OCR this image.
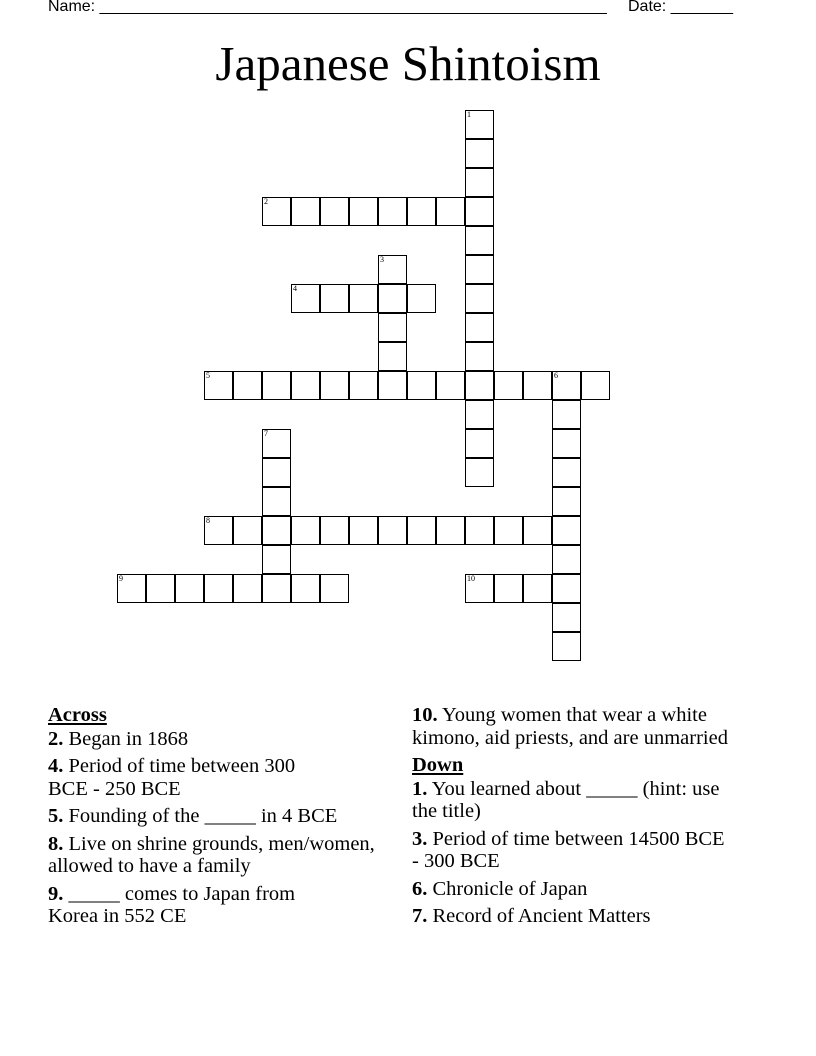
Name: _________________________________________________________ Date: _______
Japanese Shintoism
1
2
3
4
5	6
7
8
9	10
Across
2. Began in 1868
4. Period of time between 300 BCE - 250 BCE
5. Founding of the _____ in 4 BCE
8. Live on shrine grounds, men/women, allowed to have a family
9. _____ comes to Japan from Korea in 552 CE
10. Young women that wear a white kimono, aid priests, and are unmarried
Down
1. You learned about _____ (hint: use the title)
3. Period of time between 14500 BCE - 300 BCE
6. Chronicle of Japan
7. Record of Ancient Matters
